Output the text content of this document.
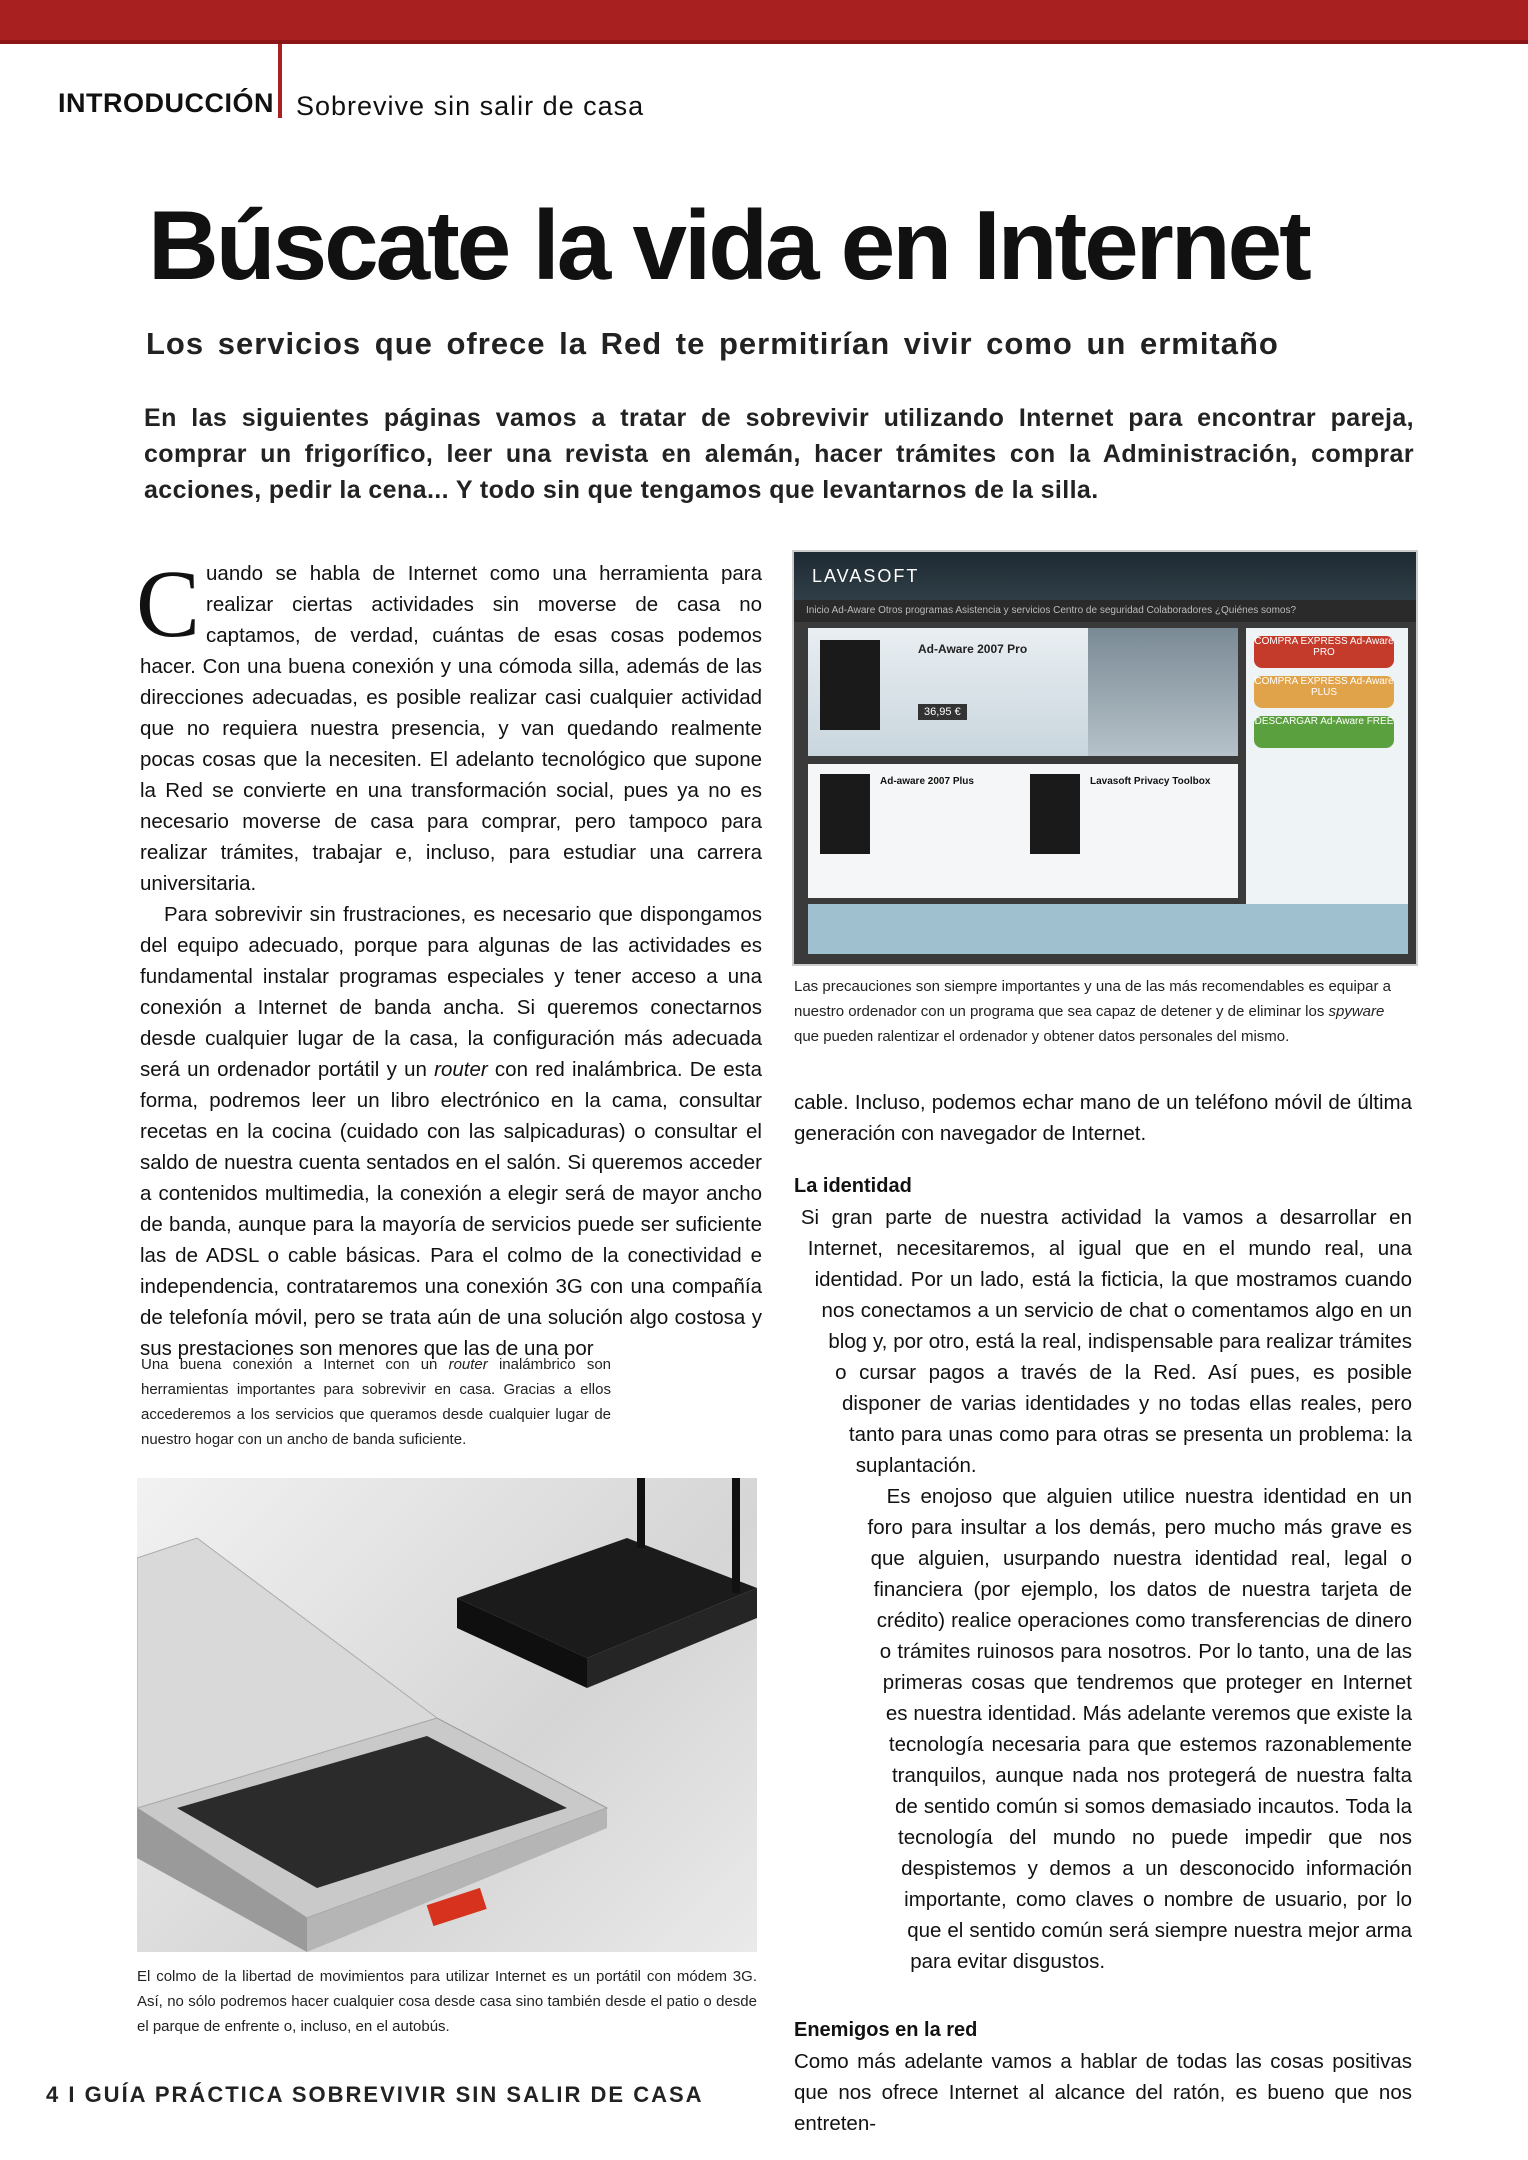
INTRODUCCIÓN Sobrevive sin salir de casa
Búscate la vida en Internet
Los servicios que ofrece la Red te permitirían vivir como un ermitaño
En las siguientes páginas vamos a tratar de sobrevivir utilizando Internet para encontrar pareja, comprar un frigorífico, leer una revista en alemán, hacer trámites con la Administración, comprar acciones, pedir la cena... Y todo sin que tengamos que levantarnos de la silla.

Cuando se habla de Internet como una herramienta para realizar ciertas actividades sin moverse de casa no captamos, de verdad, cuántas de esas cosas podemos hacer. Con una buena conexión y una cómoda silla, además de las direcciones adecuadas, es posible realizar casi cualquier actividad que no requiera nuestra presencia, y van quedando realmente pocas cosas que la necesiten. El adelanto tecnológico que supone la Red se convierte en una transformación social, pues ya no es necesario moverse de casa para comprar, pero tampoco para realizar trámites, trabajar e, incluso, para estudiar una carrera universitaria.

Para sobrevivir sin frustraciones, es necesario que dispongamos del equipo adecuado, porque para algunas de las actividades es fundamental instalar programas especiales y tener acceso a una conexión a Internet de banda ancha. Si queremos conectarnos desde cualquier lugar de la casa, la configuración más adecuada será un ordenador portátil y un router con red inalámbrica. De esta forma, podremos leer un libro electrónico en la cama, consultar recetas en la cocina (cuidado con las salpicaduras) o consultar el saldo de nuestra cuenta sentados en el salón. Si queremos acceder a contenidos multimedia, la conexión a elegir será de mayor ancho de banda, aunque para la mayoría de servicios puede ser suficiente las de ADSL o cable básicas. Para el colmo de la conectividad e independencia, contrataremos una conexión 3G con una compañía de telefonía móvil, pero se trata aún de una solución algo costosa y sus prestaciones son menores que las de una por

Una buena conexión a Internet con un router inalámbrico son herramientas importantes para sobrevivir en casa. Gracias a ellos accederemos a los servicios que queramos desde cualquier lugar de nuestro hogar con un ancho de banda suficiente.
El colmo de la libertad de movimientos para utilizar Internet es un portátil con módem 3G. Así, no sólo podremos hacer cualquier cosa desde casa sino también desde el patio o desde el parque de enfrente o, incluso, en el autobús.
LAVASOFT
Inicio Ad-Aware Otros programas Asistencia y servicios Centro de seguridad Colaboradores ¿Quiénes somos?
Ad-Aware 2007 Pro
36,95 €
COMPRA EXPRESS Ad-Aware PRO
COMPRA EXPRESS Ad-Aware PLUS
DESCARGAR Ad-Aware FREE
Ad-aware 2007 Plus	Lavasoft Privacy Toolbox
Las precauciones son siempre importantes y una de las más recomendables es equipar a nuestro ordenador con un programa que sea capaz de detener y de eliminar los spyware que pueden ralentizar el ordenador y obtener datos personales del mismo.

cable. Incluso, podemos echar mano de un teléfono móvil de última generación con navegador de Internet.

La identidad

Si gran parte de nuestra actividad la vamos a desarrollar en Internet, necesitaremos, al igual que en el mundo real, una identidad. Por un lado, está la ficticia, la que mostramos cuando nos conectamos a un servicio de chat o comentamos algo en un blog y, por otro, está la real, indispensable para realizar trámites o cursar pagos a través de la Red. Así pues, es posible disponer de varias identidades y no todas ellas reales, pero tanto para unas como para otras se presenta un problema: la suplantación.
Es enojoso que alguien utilice nuestra identidad en un foro para insultar a los demás, pero mucho más grave es que alguien, usurpando nuestra identidad real, legal o financiera (por ejemplo, los datos de nuestra tarjeta de crédito) realice operaciones como transferencias de dinero o trámites ruinosos para nosotros. Por lo tanto, una de las primeras cosas que tendremos que proteger en Internet es nuestra identidad. Más adelante veremos que existe la tecnología necesaria para que estemos razonablemente tranquilos, aunque nada nos protegerá de nuestra falta de sentido común si somos demasiado incautos. Toda la tecnología del mundo no puede impedir que nos despistemos y demos a un desconocido información importante, como claves o nombre de usuario, por lo que el sentido común será siempre nuestra mejor arma para evitar disgustos.

Enemigos en la red

Como más adelante vamos a hablar de todas las cosas positivas que nos ofrece Internet al alcance del ratón, es bueno que nos entreten-

4 I GUÍA PRÁCTICA SOBREVIVIR SIN SALIR DE CASA
